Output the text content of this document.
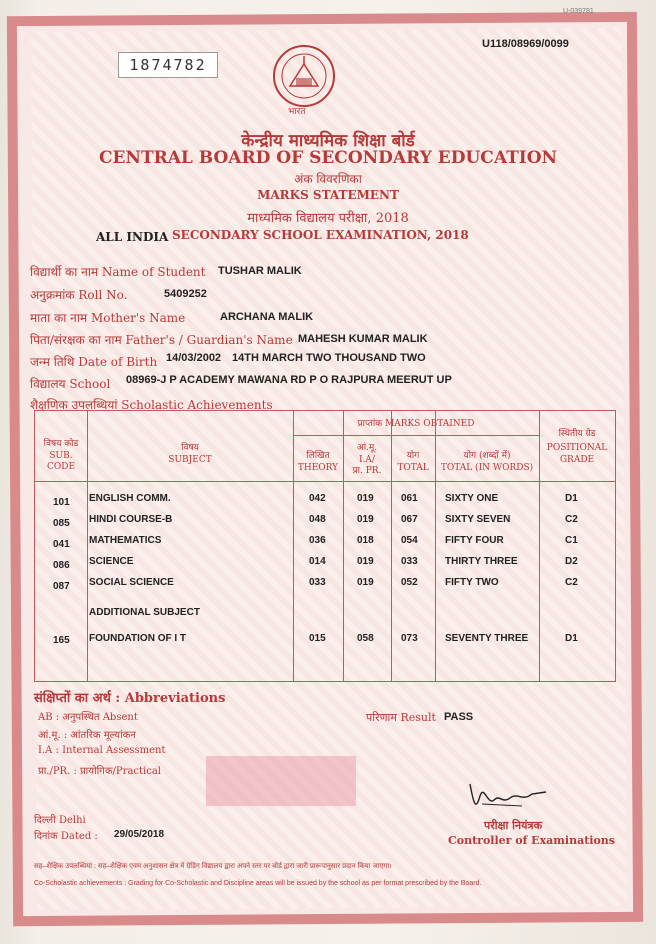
U-039781
1874782
U118/08969/0099
भारत
केन्द्रीय माध्यमिक शिक्षा बोर्ड
CENTRAL BOARD OF SECONDARY EDUCATION
अंक विवरणिका
MARKS STATEMENT
माध्यमिक विद्यालय परीक्षा, 2018
ALL INDIA SECONDARY SCHOOL EXAMINATION, 2018
विद्यार्थी का नाम Name of Student TUSHAR MALIK
अनुक्रमांक Roll No.	5409252
माता का नाम Mother's Name	ARCHANA MALIK
पिता/संरक्षक का नाम Father's / Guardian's Name MAHESH KUMAR MALIK
जन्म तिथि Date of Birth 14/03/2002 14TH MARCH TWO THOUSAND TWO
विद्यालय School 08969-J P ACADEMY MAWANA RD P O RAJPURA MEERUT UP
शैक्षणिक उपलब्धियां Scholastic Achievements
विषय कोड
SUB.
CODE
विषय
SUBJECT
प्राप्तांक MARKS OBTAINED
लिखित
THEORY
आं.मू.
I.A/
प्रा. PR.
योग
TOTAL
योग (शब्दों में)
TOTAL (IN WORDS)
स्थितीय ग्रेड
POSITIONAL
GRADE
101 ENGLISH COMM.	042	019	061	SIXTY ONE	D1
085 HINDI COURSE-B	048	019	067	SIXTY SEVEN	C2
041 MATHEMATICS	036	018	054	FIFTY FOUR	C1
086 SCIENCE	014	019	033	THIRTY THREE	D2
087 SOCIAL SCIENCE	033	019	052	FIFTY TWO	C2
ADDITIONAL SUBJECT
165 FOUNDATION OF I T	015	058	073	SEVENTY THREE	D1
संक्षिप्तों का अर्थ : Abbreviations
AB : अनुपस्थित Absent
आं.मू. : आंतरिक मूल्यांकन
I.A : Internal Assessment
प्रा./PR. : प्रायोगिक/Practical
परिणाम Result PASS
परीक्षा नियंत्रक
Controller of Examinations
दिल्ली Delhi
दिनांक Dated : 29/05/2018
सह–शैक्षिक उपलब्धियां : सह–शैक्षिक एवम अनुशासन क्षेत्र में ग्रेडिंग विद्यालय द्वारा अपने स्तर पर बोर्ड द्वारा जारी प्रारूपानुसार प्रदान किया जाएगा।
Co-Scholastic achievements : Grading for Co-Scholastic and Discipline areas will be issued by the school as per format prescribed by the Board.
